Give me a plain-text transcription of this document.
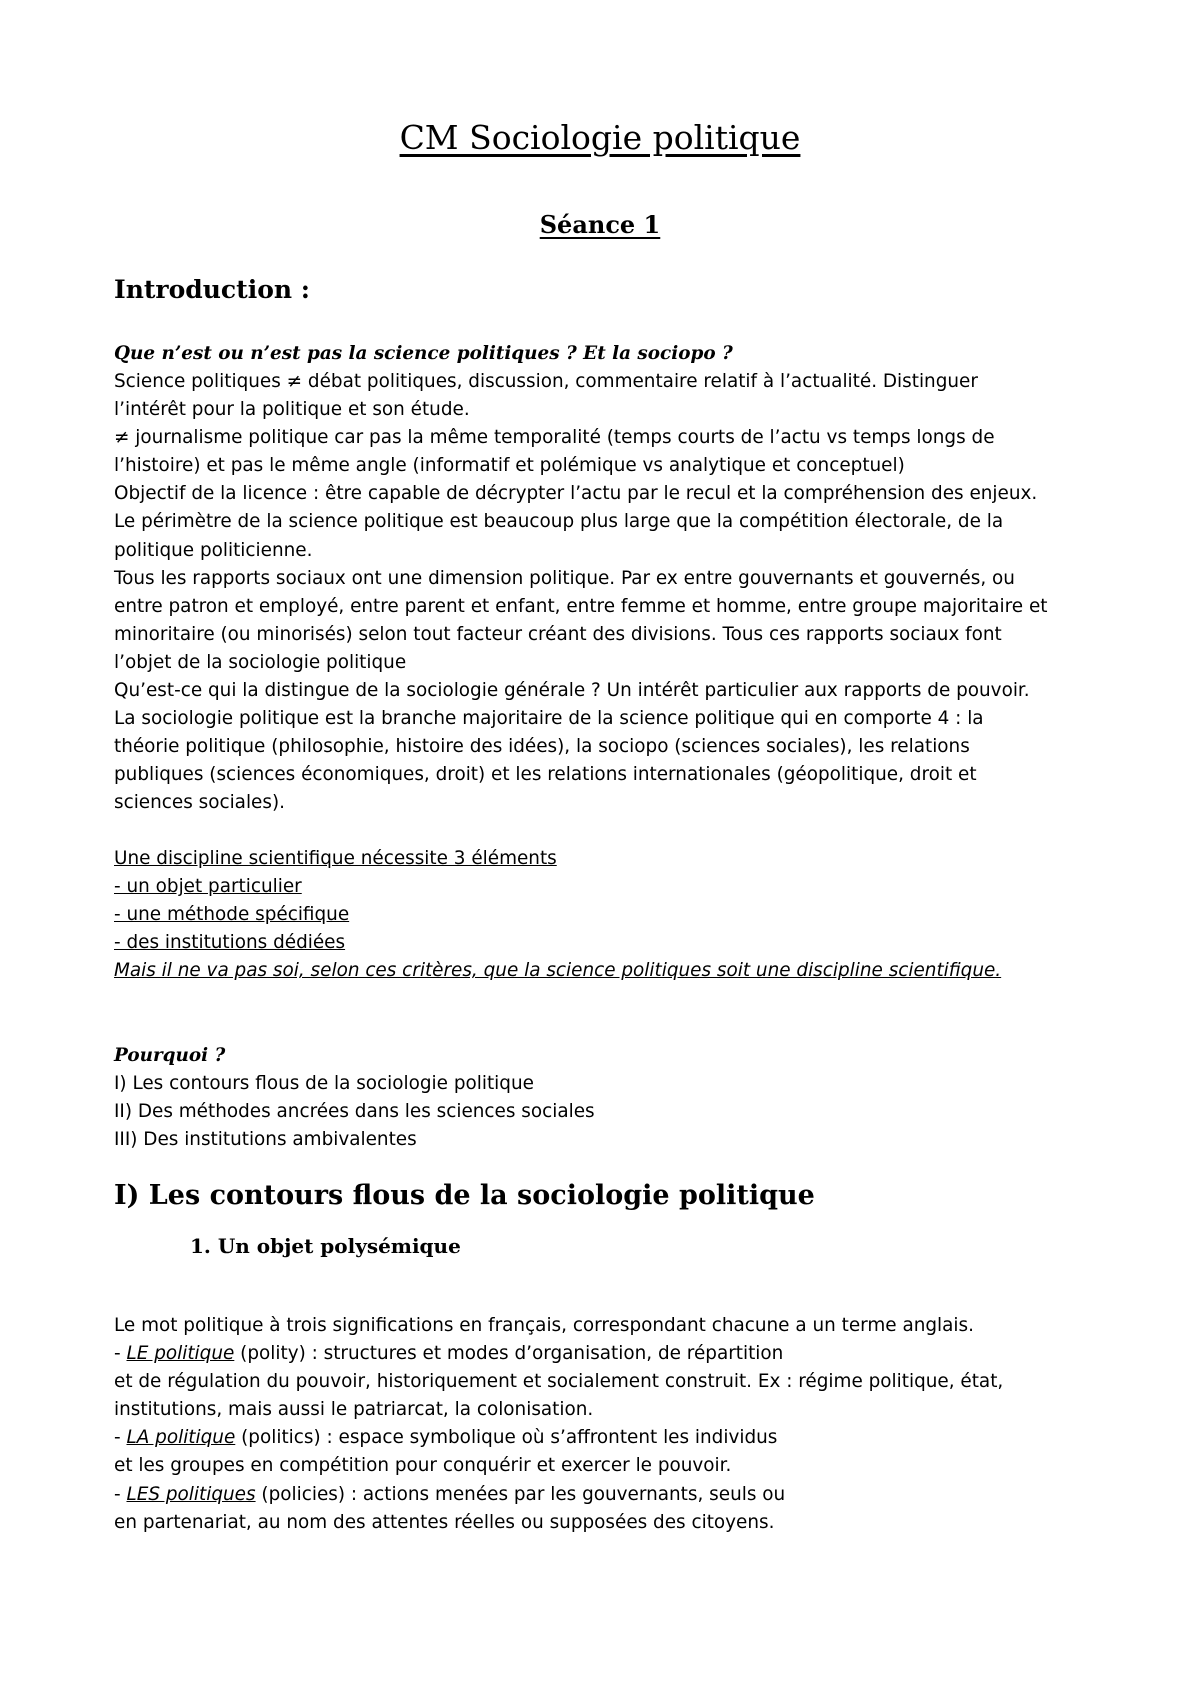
CM Sociologie politique
Séance 1
Introduction :

Que n’est ou n’est pas la science politiques ? Et la sociopo ?

Science politiques ≠ débat politiques, discussion, commentaire relatif à l’actualité. Distinguer
l’intérêt pour la politique et son étude.
≠ journalisme politique car pas la même temporalité (temps courts de l’actu vs temps longs de
l’histoire) et pas le même angle (informatif et polémique vs analytique et conceptuel)
Objectif de la licence : être capable de décrypter l’actu par le recul et la compréhension des enjeux.
Le périmètre de la science politique est beaucoup plus large que la compétition électorale, de la
politique politicienne.
Tous les rapports sociaux ont une dimension politique. Par ex entre gouvernants et gouvernés, ou
entre patron et employé, entre parent et enfant, entre femme et homme, entre groupe majoritaire et
minoritaire (ou minorisés) selon tout facteur créant des divisions. Tous ces rapports sociaux font
l’objet de la sociologie politique
Qu’est-ce qui la distingue de la sociologie générale ? Un intérêt particulier aux rapports de pouvoir.
La sociologie politique est la branche majoritaire de la science politique qui en comporte 4 : la
théorie politique (philosophie, histoire des idées), la sociopo (sciences sociales), les relations
publiques (sciences économiques, droit) et les relations internationales (géopolitique, droit et
sciences sociales).
Une discipline scientifique nécessite 3 éléments
- un objet particulier
- une méthode spécifique
- des institutions dédiées
Mais il ne va pas soi, selon ces critères, que la science politiques soit une discipline scientifique.
Pourquoi ?
I) Les contours flous de la sociologie politique
II) Des méthodes ancrées dans les sciences sociales
III) Des institutions ambivalentes
I) Les contours flous de la sociologie politique
1. Un objet polysémique
Le mot politique à trois significations en français, correspondant chacune a un terme anglais.
- LE politique (polity) : structures et modes d’organisation, de répartition
et de régulation du pouvoir, historiquement et socialement construit. Ex : régime politique, état,
institutions, mais aussi le patriarcat, la colonisation.
- LA politique (politics) : espace symbolique où s’affrontent les individus
et les groupes en compétition pour conquérir et exercer le pouvoir.
- LES politiques (policies) : actions menées par les gouvernants, seuls ou
en partenariat, au nom des attentes réelles ou supposées des citoyens.
